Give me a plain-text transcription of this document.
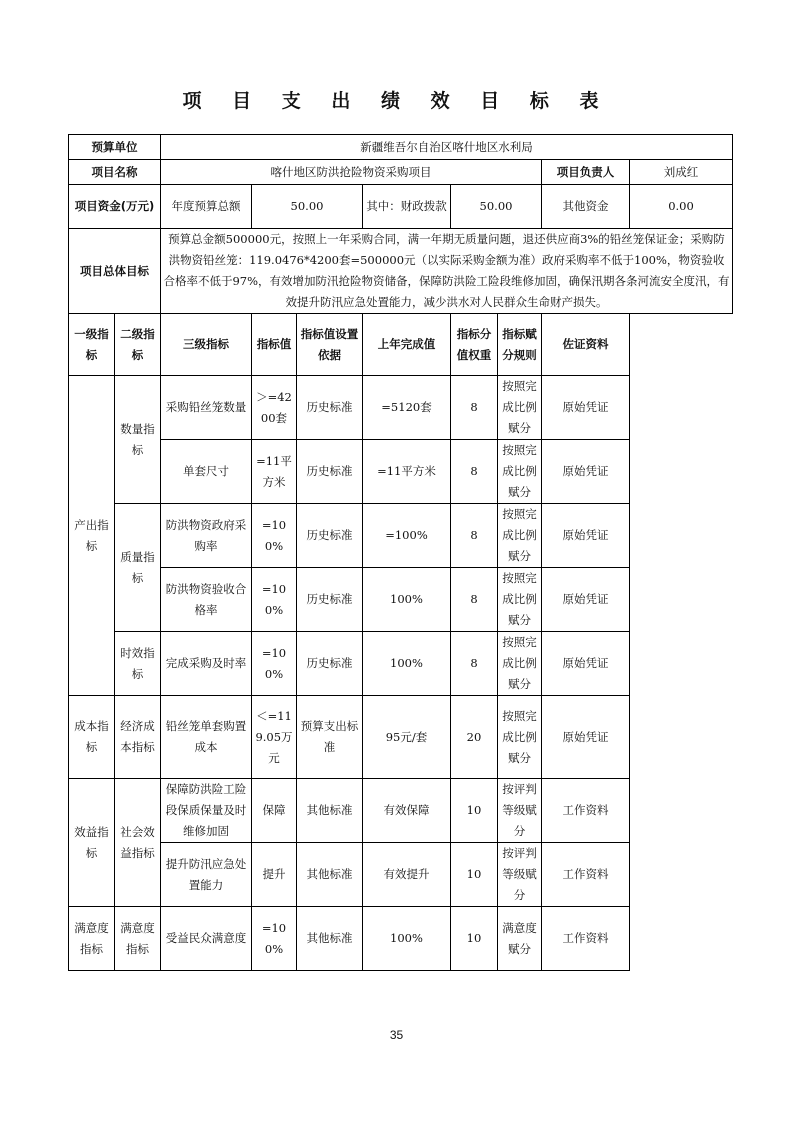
项 目 支 出 绩 效 目 标 表
预算单位		新疆维吾尔自治区喀什地区水利局							
项目名称		喀什地区防洪抢险物资采购项目						项目负责人	刘成红
项目资金(万元)		年度预算总额	50.00		其中：财政拨款	50.00		其他资金	0.00
项目总体目标		预算总金额500000元，按照上一年采购合同，满一年期无质量问题，退还供应商3%的铅丝笼保证金；采购防洪物资铅丝笼：119.0476*4200套=500000元（以实际采购金额为准）政府采购率不低于100%，物资验收合格率不低于97%，有效增加防汛抢险物资储备，保障防洪险工险段维修加固，确保汛期各条河流安全度汛，有效提升防汛应急处置能力，减少洪水对人民群众生命财产损失。							
一级指标	二级指标	三级指标	指标值	指标值设置依据	上年完成值	指标分值权重	指标赋分规则	佐证资料	
产出指标	数量指标	采购铅丝笼数量	＞=4200套	历史标准	=5120套	8	按照完成比例赋分	原始凭证	
		单套尺寸	=11平方米	历史标准	=11平方米	8	按照完成比例赋分	原始凭证	
	质量指标	防洪物资政府采购率	=100%	历史标准	=100%	8	按照完成比例赋分	原始凭证	
		防洪物资验收合格率	=100%	历史标准	100%	8	按照完成比例赋分	原始凭证	
	时效指标	完成采购及时率	=100%	历史标准	100%	8	按照完成比例赋分	原始凭证	
成本指标	经济成本指标	铅丝笼单套购置成本	＜=119.05万元	预算支出标准	95元/套	20	按照完成比例赋分	原始凭证	
效益指标	社会效益指标	保障防洪险工险段保质保量及时维修加固	保障	其他标准	有效保障	10	按评判等级赋分	工作资料	
		提升防汛应急处置能力	提升	其他标准	有效提升	10	按评判等级赋分	工作资料	
满意度指标	满意度指标	受益民众满意度	=100%	其他标准	100%	10	满意度赋分	工作资料	
35
